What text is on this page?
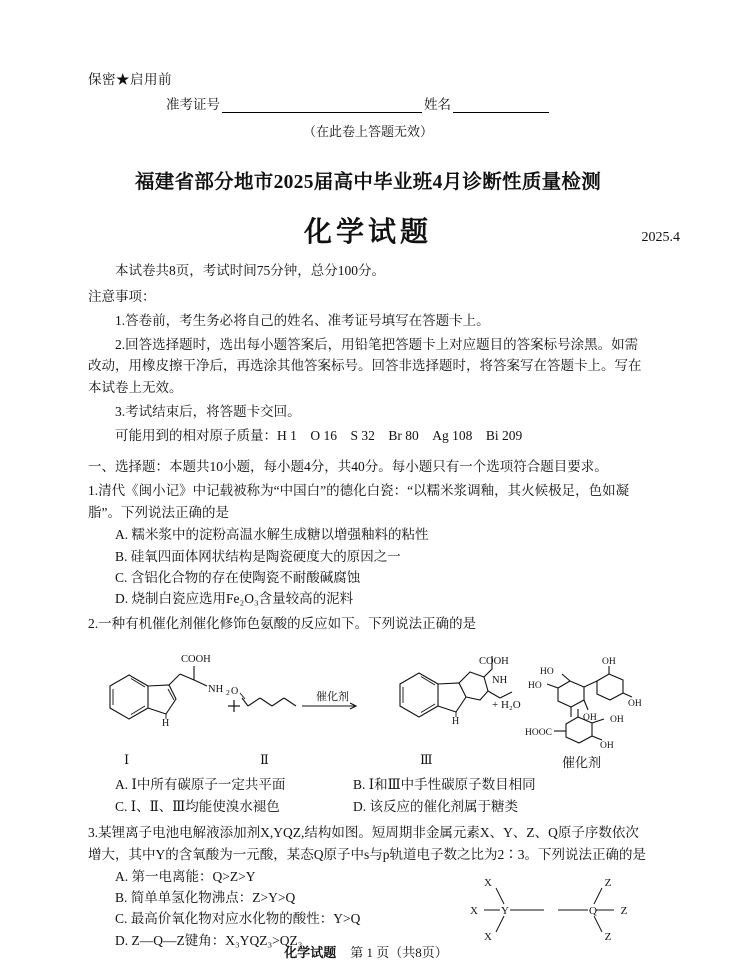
保密★启用前
准考证号	姓名
（在此卷上答题无效）
福建省部分地市2025届高中毕业班4月诊断性质量检测
化学试题	2025.4
本试卷共8页，考试时间75分钟，总分100分。
注意事项：
1.答卷前，考生务必将自己的姓名、准考证号填写在答题卡上。
2.回答选择题时，选出每小题答案后，用铅笔把答题卡上对应题目的答案标号涂黑。如需改动，用橡皮擦干净后，再选涂其他答案标号。回答非选择题时，将答案写在答题卡上。写在本试卷上无效。
3.考试结束后，将答题卡交回。
可能用到的相对原子质量：H 1　O 16　S 32　Br 80　Ag 108　Bi 209
一、选择题：本题共10小题，每小题4分，共40分。每小题只有一个选项符合题目要求。
1.清代《闽小记》中记载被称为“中国白”的德化白瓷：“以糯米浆调釉，其火候极足，色如凝脂”。下列说法正确的是
A. 糯米浆中的淀粉高温水解生成糖以增强釉料的粘性
B. 硅氧四面体网状结构是陶瓷硬度大的原因之一
C. 含铝化合物的存在使陶瓷不耐酸碱腐蚀
D. 烧制白瓷应选用Fe₂O₃含量较高的泥料
2.一种有机催化剂催化修饰色氨酸的反应如下。下列说法正确的是
H
COOH
NH 2 O
H
COOH
NH
HO
HO
OH
OH
OH
HOOC
OH
OH
催化剂
+ H₂O
Ⅰ	Ⅱ	Ⅲ	催化剂
A. Ⅰ中所有碳原子一定共平面	B. Ⅰ和Ⅲ中手性碳原子数目相同
C. Ⅰ、Ⅱ、Ⅲ均能使溴水褪色	D. 该反应的催化剂属于糖类
3.某锂离子电池电解液添加剂X,YQZ,结构如图。短周期非金属元素X、Y、Z、Q原子序数依次增大，其中Y的含氧酸为一元酸，某态Q原子中s与p轨道电子数之比为2∶3。下列说法正确的是
A. 第一电离能：Q>Z>Y
B. 简单单氢化物沸点：Z>Y>Q
C. 最高价氧化物对应水化物的酸性：Y>Q
D. Z—Q—Z键角：X₃YQZ₃>QZ₃
X
X
X
Y	Q
Z
Z
Z
化学试题 第 1 页（共8页）
